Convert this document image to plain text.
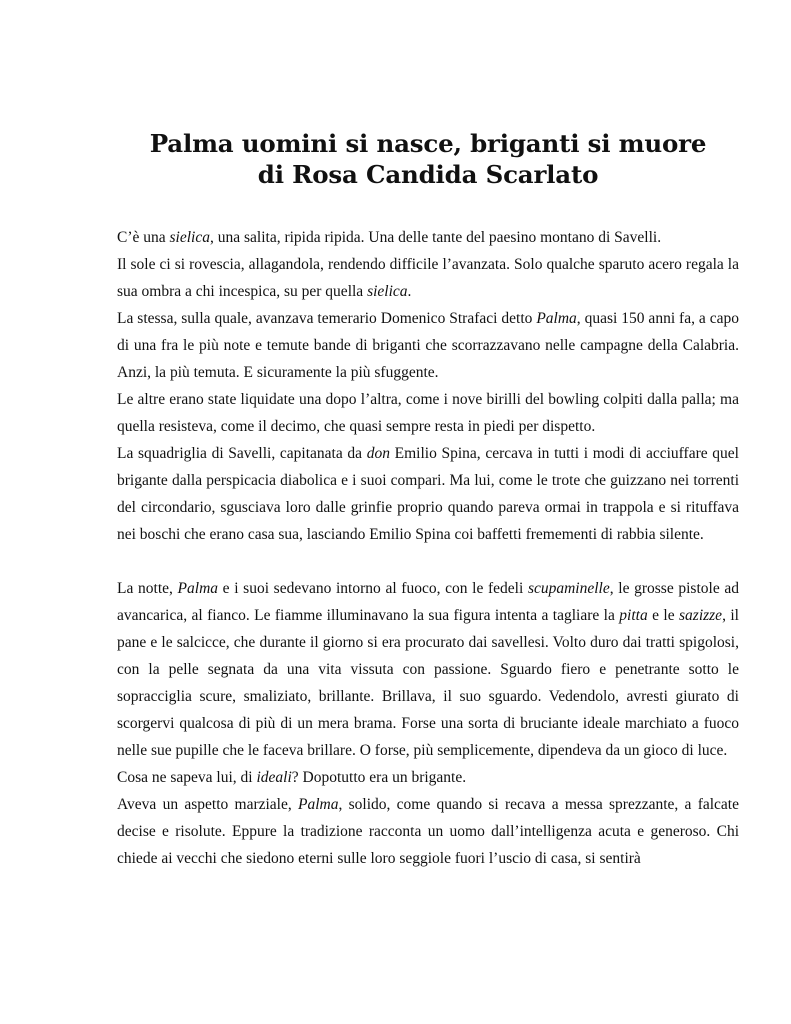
Palma uomini si nasce, briganti si muore
di Rosa Candida Scarlato

C’è una sielica, una salita, ripida ripida. Una delle tante del paesino montano di Savelli.

Il sole ci si rovescia, allagandola, rendendo difficile l’avanzata. Solo qualche sparuto acero regala la sua ombra a chi incespica, su per quella sielica.

La stessa, sulla quale, avanzava temerario Domenico Strafaci detto Palma, quasi 150 anni fa, a capo di una fra le più note e temute bande di briganti che scorrazzavano nelle campagne della Calabria. Anzi, la più temuta. E sicuramente la più sfuggente.

Le altre erano state liquidate una dopo l’altra, come i nove birilli del bowling colpiti dalla palla; ma quella resisteva, come il decimo, che quasi sempre resta in piedi per dispetto.

La squadriglia di Savelli, capitanata da don Emilio Spina, cercava in tutti i modi di acciuffare quel brigante dalla perspicacia diabolica e i suoi compari. Ma lui, come le trote che guizzano nei torrenti del circondario, sgusciava loro dalle grinfie proprio quando pareva ormai in trappola e si rituffava nei boschi che erano casa sua, lasciando Emilio Spina coi baffetti fremementi di rabbia silente.

La notte, Palma e i suoi sedevano intorno al fuoco, con le fedeli scupaminelle, le grosse pistole ad avancarica, al fianco. Le fiamme illuminavano la sua figura intenta a tagliare la pitta e le sazizze, il pane e le salcicce, che durante il giorno si era procurato dai savellesi. Volto duro dai tratti spigolosi, con la pelle segnata da una vita vissuta con passione. Sguardo fiero e penetrante sotto le sopracciglia scure, smaliziato, brillante. Brillava, il suo sguardo. Vedendolo, avresti giurato di scorgervi qualcosa di più di un mera brama. Forse una sorta di bruciante ideale marchiato a fuoco nelle sue pupille che le faceva brillare. O forse, più semplicemente, dipendeva da un gioco di luce.

Cosa ne sapeva lui, di ideali? Dopotutto era un brigante.

Aveva un aspetto marziale, Palma, solido, come quando si recava a messa sprezzante, a falcate decise e risolute. Eppure la tradizione racconta un uomo dall’intelligenza acuta e generoso. Chi chiede ai vecchi che siedono eterni sulle loro seggiole fuori l’uscio di casa, si sentirà
